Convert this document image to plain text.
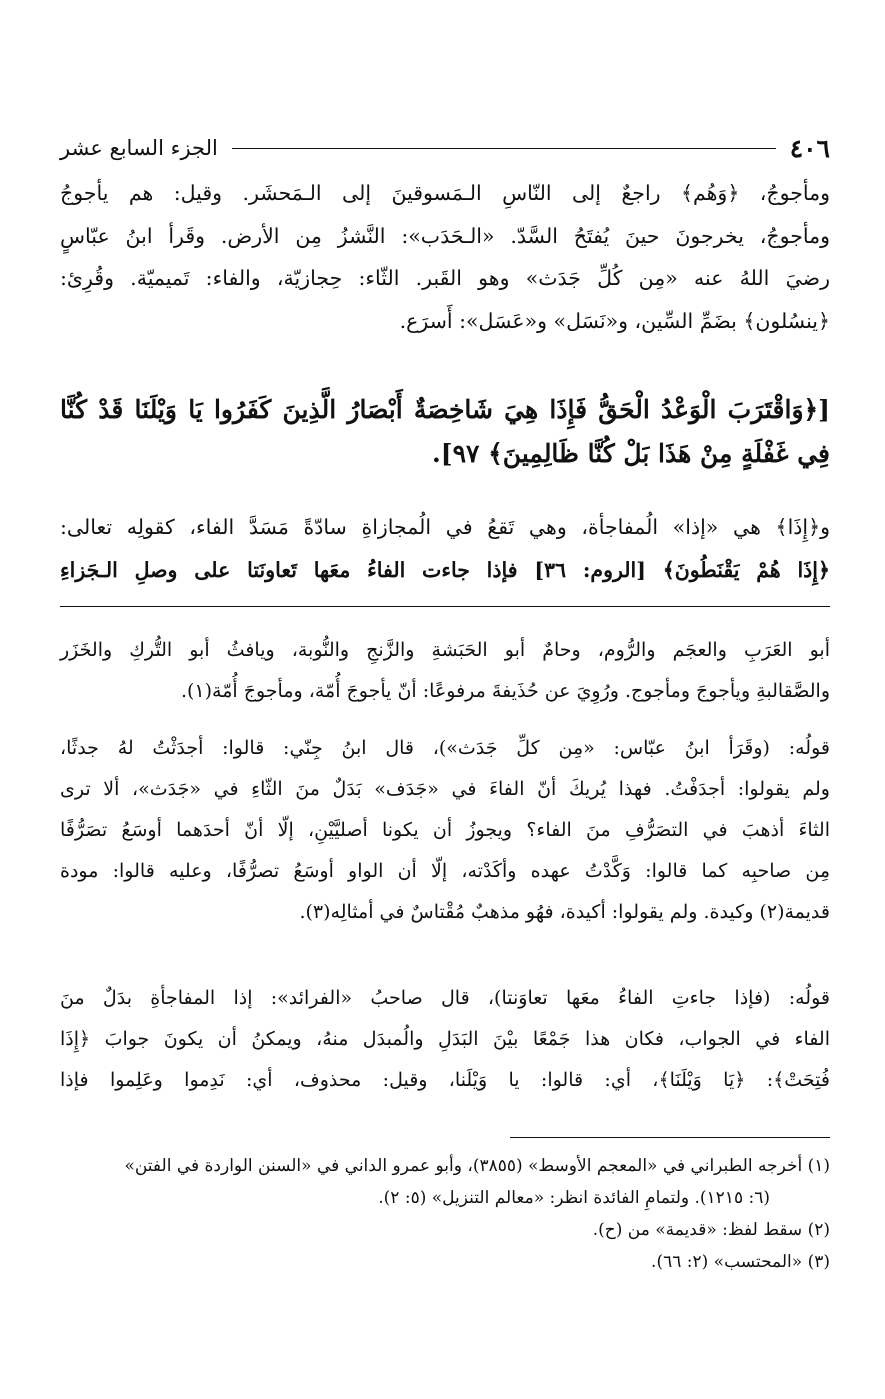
٤٠٦
الجزء السابع عشر
ومأجوجُ، ﴿وَهُم﴾ راجعٌ إلى النّاسِ الـمَسوقينَ إلى الـمَحشَر. وقيل: هم يأجوجُ
ومأجوجُ، يخرجونَ حينَ يُفتَحُ السَّدّ. «الـحَدَب»: النَّشزُ مِن الأرض. وقَرأ ابنُ عبّاسٍ
رضيَ اللهُ عنه «مِن كُلِّ جَدَث» وهو القَبر. الثّاء: حِجازيّة، والفاء: تَميميّة. وقُرِئ:
﴿ينسُلون﴾ بضَمِّ السِّين، و«نَسَل» و«عَسَل»: أَسرَع.
[﴿وَاقْتَرَبَ الْوَعْدُ الْحَقُّ فَإِذَا هِيَ شَاخِصَةٌ أَبْصَارُ الَّذِينَ كَفَرُوا يَا وَيْلَنَا قَدْ كُنَّا
فِي غَفْلَةٍ مِنْ هَذَا بَلْ كُنَّا ظَالِمِينَ﴾ ٩٧].
و﴿إِذَا﴾ هي «إذا» الُمفاجأة، وهي تَقعُ في الُمجازاةِ سادّةً مَسَدَّ الفاء، كقولِه تعالى:
﴿إِذَا هُمْ يَقْنَطُونَ﴾ [الروم: ٣٦] فإذا جاءت الفاءُ معَها تَعاونَتا على وصلِ الـجَزاءِ
أبو العَرَبِ والعجَم والرُّوم، وحامٌ أبو الحَبَشةِ والزَّنجِ والنُّوبة، ويافثُ أبو التُّركِ والخَزَر
والصَّقالبةِ ويأجوجَ ومأجوج. ورُوِيَ عن حُذَيفةَ مرفوعًا: أنّ يأجوجَ أُمّة، ومأجوجَ أُمّة(١).
قولُه: (وقَرَأ ابنُ عبّاس: «مِن كلِّ جَدَث»)، قال ابنُ جِنّي: قالوا: أجدَثْتُ لهُ جدثًا،
ولم يقولوا: أجدَفْتُ. فهذا يُريكَ أنّ الفاءَ في «جَدَف» بَدَلٌ منَ الثّاءِ في «جَدَث»، ألا ترى
الثاءَ أذهبَ في التصَرُّفِ منَ الفاء؟ ويجوزُ أن يكونا أصليَّيْنِ، إلّا أنّ أحدَهما أوسَعُ تصَرُّفًا
مِن صاحبِه كما قالوا: وَكَّدْتُ عهده وأكَدْته، إلّا أن الواو أوسَعُ تصرُّفًا، وعليه قالوا: مودة
قديمة(٢) وكيدة. ولم يقولوا: أكيدة، فهُو مذهبٌ مُقْتاسٌ في أمثالِه(٣).
قولُه: (فإذا جاءتِ الفاءُ معَها تعاوَنتا)، قال صاحبُ «الفرائد»: إذا المفاجأةِ بدَلٌ منَ
الفاء في الجواب، فكان هذا جَمْعًا بيْنَ البَدَلِ والُمبدَل منهُ، ويمكنُ أن يكونَ جوابَ ﴿إِذَا
فُتِحَتْ﴾: ﴿يَا وَيْلَنَا﴾، أي: قالوا: يا وَيْلَنا، وقيل: محذوف، أي: نَدِموا وعَلِموا فإذا
(١) أخرجه الطبراني في «المعجم الأوسط» (٣٨٥٥)، وأبو عمرو الداني في «السنن الواردة في الفتن»
(٦: ١٢١٥). ولتمامِ الفائدة انظر: «معالم التنزيل» (٥: ٢).
(٢) سقط لفظ: «قديمة» من (ح).
(٣) «المحتسب» (٢: ٦٦).
